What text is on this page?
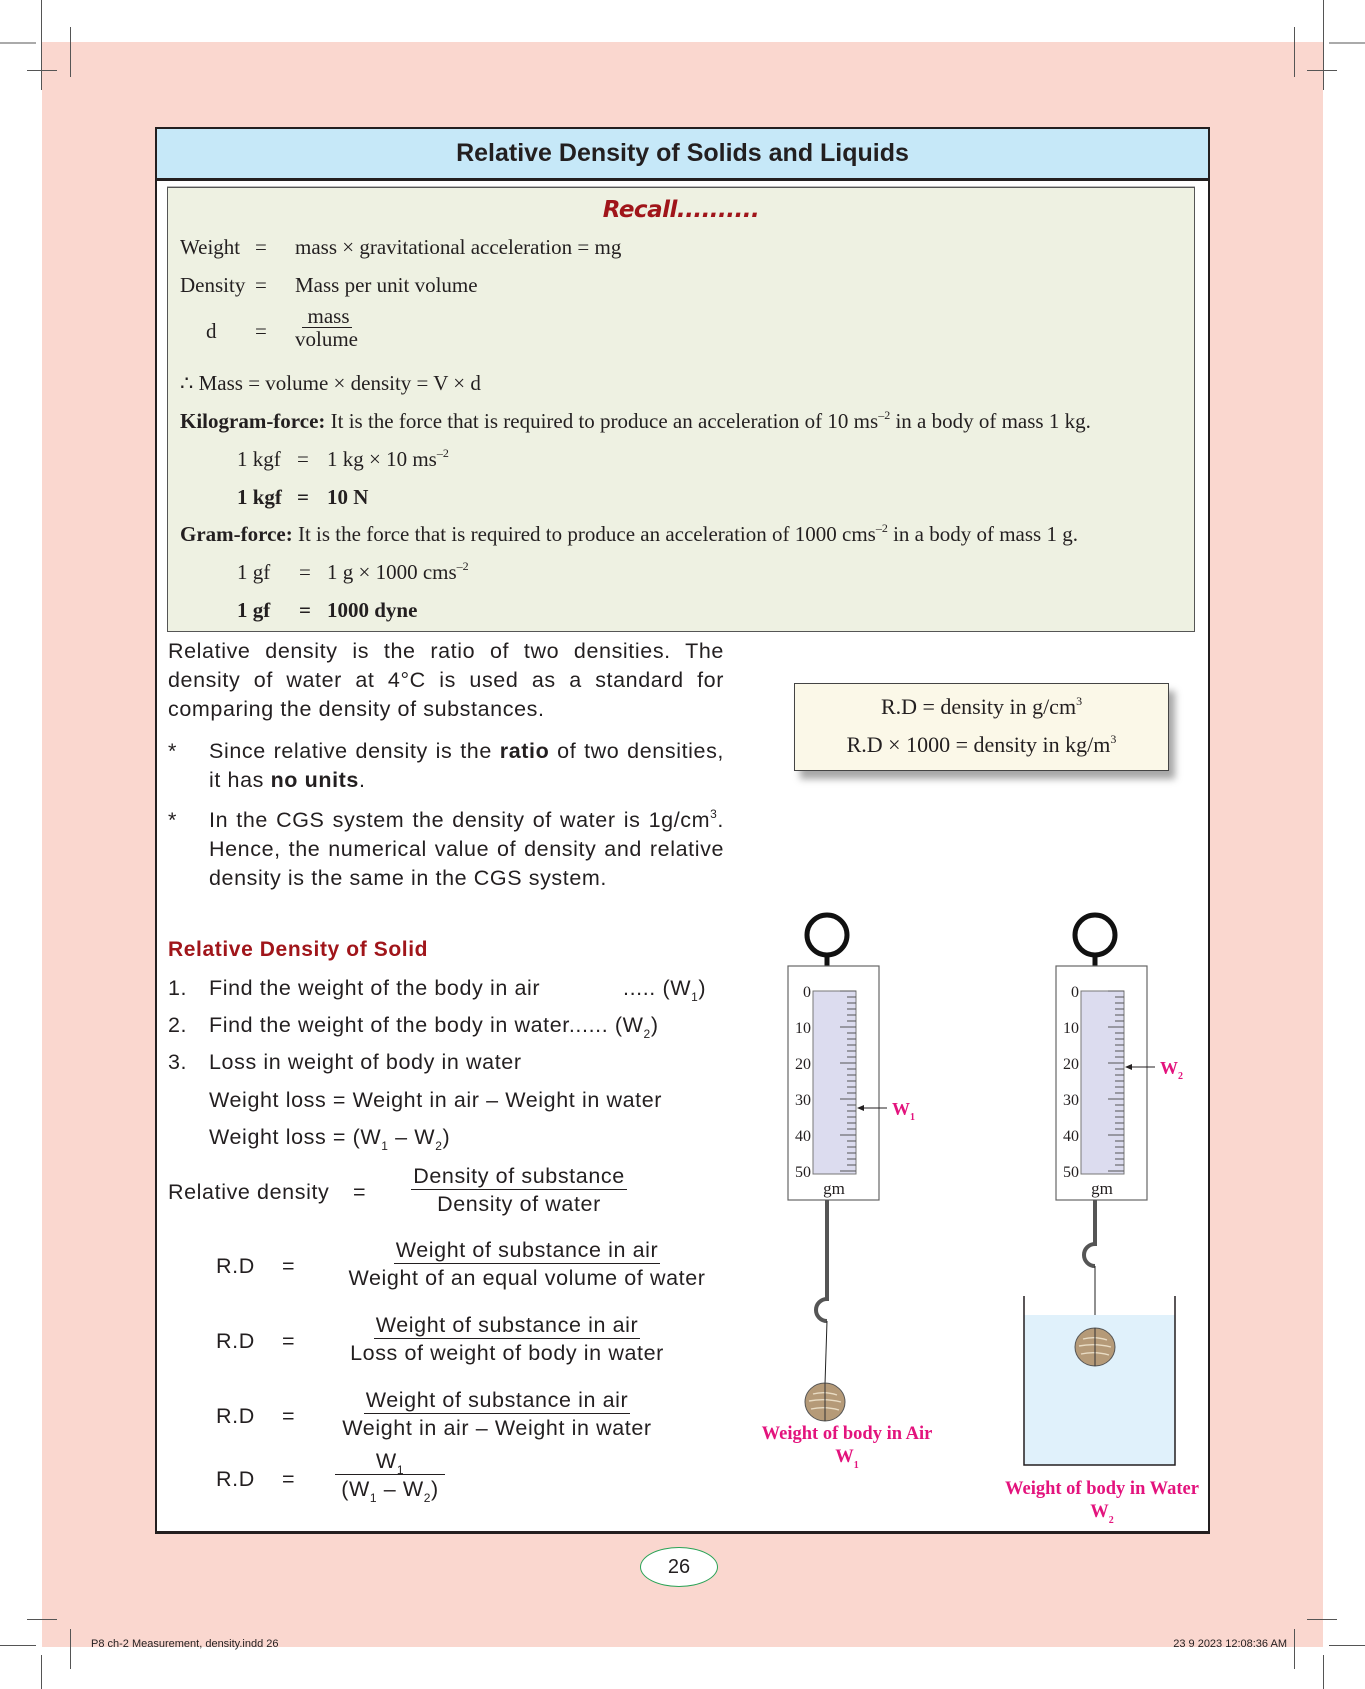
Relative Density of Solids and Liquids
Recall..........
Weight = mass × gravitational acceleration = mg
Density = Mass per unit volume
d =
mass
volume
∴ Mass = volume × density = V × d
Kilogram-force: It is the force that is required to produce an acceleration of 10 $ms^{-2}$ in a body of mass 1 kg.
1 kgf = 1 kg × 10 $ms^{-2}$
1 kgf = 10 N
Gram-force: It is the force that is required to produce an acceleration of 1000 cms$^{-2}$ in a body of mass 1 g.
1 gf = 1 g × 1000 cms$^{-2}$
1 gf = 1000 dyne
Relative density is the ratio of two densities. The density of water at 4°C is used as a standard for comparing the density of substances.
* Since relative density is the ratio of two densities, it has no units.
* In the CGS system the density of water is $1g/cm^3$. Hence, the numerical value of density and relative density is the same in the CGS system.
Relative Density of Solid
1. Find the weight of the body in air	..... $(W_1)$
2. Find the weight of the body in water...... $(W_2)$
3. Loss in weight of body in water
Weight loss = Weight in air – Weight in water
Weight loss = $(W_1 - W_2)$
Relative density =
Density of substance
Density of water
R.D =
Weight of substance in air
Weight of an equal volume of water
R.D =
Weight of substance in air
Loss of weight of body in water
R.D =
Weight of substance in air
Weight in air – Weight in water
$R.D = \frac{W_1}{(W_1 - W_2)}$
R.D = density in $g/cm^3$
R.D × 1000 = density in $kg/m^3$
0
10
20
30
40
50
gm
$W_1$
0
10
20
30
40
50
gm
$W_2$
Weight of body in Air
$W_1$
Weight of body in Water
$W_2$
26
P8 ch-2 Measurement, density.indd 26	23 9 2023 12:08:36 AM
